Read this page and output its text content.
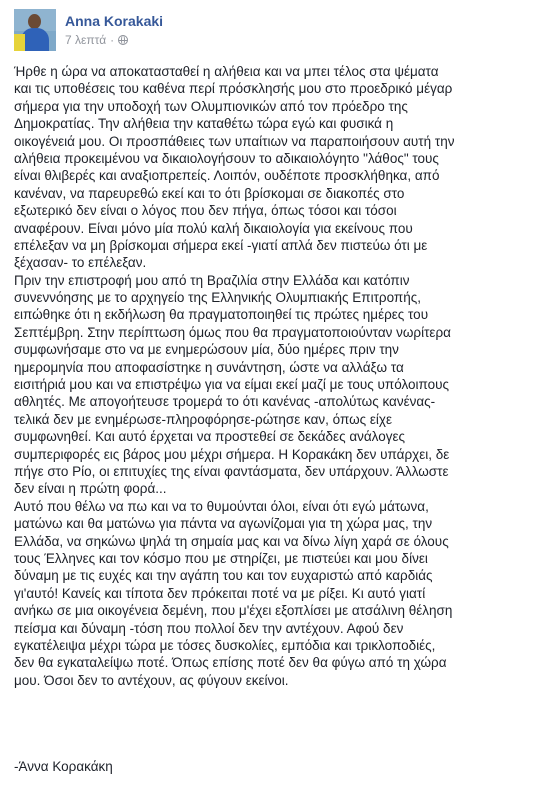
Anna Korakaki
7 λεπτά ·
Ήρθε η ώρα να αποκατασταθεί η αλήθεια και να μπει τέλος στα ψέματα
και τις υποθέσεις του καθένα περί πρόσκλησής μου στο προεδρικό μέγαρ
σήμερα για την υποδοχή των Ολυμπιονικών από τον πρόεδρο της
Δημοκρατίας. Την αλήθεια την καταθέτω τώρα εγώ και φυσικά η
οικογένειά μου. Οι προσπάθειες των υπαίτιων να παραποιήσουν αυτή την
αλήθεια προκειμένου να δικαιολογήσουν το αδικαιολόγητο "λάθος" τους
είναι θλιβερές και αναξιοπρεπείς. Λοιπόν, ουδέποτε προσκλήθηκα, από
κανέναν, να παρευρεθώ εκεί και το ότι βρίσκομαι σε διακοπές στο
εξωτερικό δεν είναι ο λόγος που δεν πήγα, όπως τόσοι και τόσοι
αναφέρουν. Είναι μόνο μία πολύ καλή δικαιολογία για εκείνους που
επέλεξαν να μη βρίσκομαι σήμερα εκεί -γιατί απλά δεν πιστεύω ότι με
ξέχασαν- το επέλεξαν.
Πριν την επιστροφή μου από τη Βραζιλία στην Ελλάδα και κατόπιν
συνεννόησης με το αρχηγείο της Ελληνικής Ολυμπιακής Επιτροπής,
ειπώθηκε ότι η εκδήλωση θα πραγματοποιηθεί τις πρώτες ημέρες του
Σεπτέμβρη. Στην περίπτωση όμως που θα πραγματοποιούνταν νωρίτερα
συμφωνήσαμε στο να με ενημερώσουν μία, δύο ημέρες πριν την
ημερομηνία που αποφασίστηκε η συνάντηση, ώστε να αλλάξω τα
εισιτήριά μου και να επιστρέψω για να είμαι εκεί μαζί με τους υπόλοιπους
αθλητές. Με απογοήτευσε τρομερά το ότι κανένας -απολύτως κανένας-
τελικά δεν με ενημέρωσε-πληροφόρησε-ρώτησε καν, όπως είχε
συμφωνηθεί. Και αυτό έρχεται να προστεθεί σε δεκάδες ανάλογες
συμπεριφορές εις βάρος μου μέχρι σήμερα. Η Κορακάκη δεν υπάρχει, δε
πήγε στο Ρίο, οι επιτυχίες της είναι φαντάσματα, δεν υπάρχουν. Άλλωστε
δεν είναι η πρώτη φορά...
Αυτό που θέλω να πω και να το θυμούνται όλοι, είναι ότι εγώ μάτωνα,
ματώνω και θα ματώνω για πάντα να αγωνίζομαι για τη χώρα μας, την
Ελλάδα, να σηκώνω ψηλά τη σημαία μας και να δίνω λίγη χαρά σε όλους
τους Έλληνες και τον κόσμο που με στηρίζει, με πιστεύει και μου δίνει
δύναμη με τις ευχές και την αγάπη του και τον ευχαριστώ από καρδιάς
γι'αυτό! Κανείς και τίποτα δεν πρόκειται ποτέ να με ρίξει. Κι αυτό γιατί
ανήκω σε μια οικογένεια δεμένη, που μ'έχει εξοπλίσει με ατσάλινη θέληση
πείσμα και δύναμη -τόση που πολλοί δεν την αντέχουν. Αφού δεν
εγκατέλειψα μέχρι τώρα με τόσες δυσκολίες, εμπόδια και τρικλοποδιές,
δεν θα εγκαταλείψω ποτέ. Όπως επίσης ποτέ δεν θα φύγω από τη χώρα
μου. Όσοι δεν το αντέχουν, ας φύγουν εκείνοι.
-Άννα Κορακάκη
